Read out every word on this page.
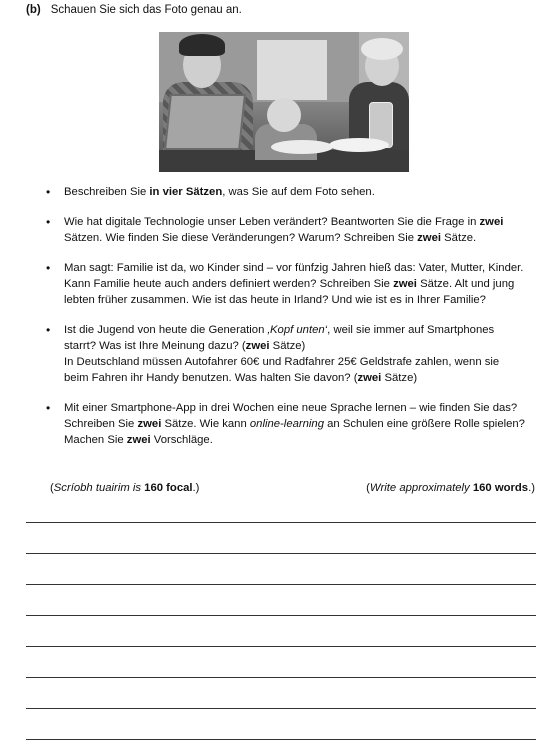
(b) Schauen Sie sich das Foto genau an.

• Beschreiben Sie in vier Sätzen, was Sie auf dem Foto sehen.

• Wie hat digitale Technologie unser Leben verändert? Beantworten Sie die Frage in zwei Sätzen. Wie finden Sie diese Veränderungen? Warum? Schreiben Sie zwei Sätze.

• Man sagt: Familie ist da, wo Kinder sind – vor fünfzig Jahren hieß das: Vater, Mutter, Kinder. Kann Familie heute auch anders definiert werden? Schreiben Sie zwei Sätze. Alt und jung lebten früher zusammen. Wie ist das heute in Irland? Und wie ist es in Ihrer Familie?

• Ist die Jugend von heute die Generation ‚Kopf unten‘, weil sie immer auf Smartphones starrt? Was ist Ihre Meinung dazu? (zwei Sätze)

In Deutschland müssen Autofahrer 60€ und Radfahrer 25€ Geldstrafe zahlen, wenn sie beim Fahren ihr Handy benutzen. Was halten Sie davon? (zwei Sätze)

• Mit einer Smartphone-App in drei Wochen eine neue Sprache lernen – wie finden Sie das? Schreiben Sie zwei Sätze. Wie kann online-learning an Schulen eine größere Rolle spielen? Machen Sie zwei Vorschläge.

(Scríobh tuairim is 160 focal.)	(Write approximately 160 words.)
